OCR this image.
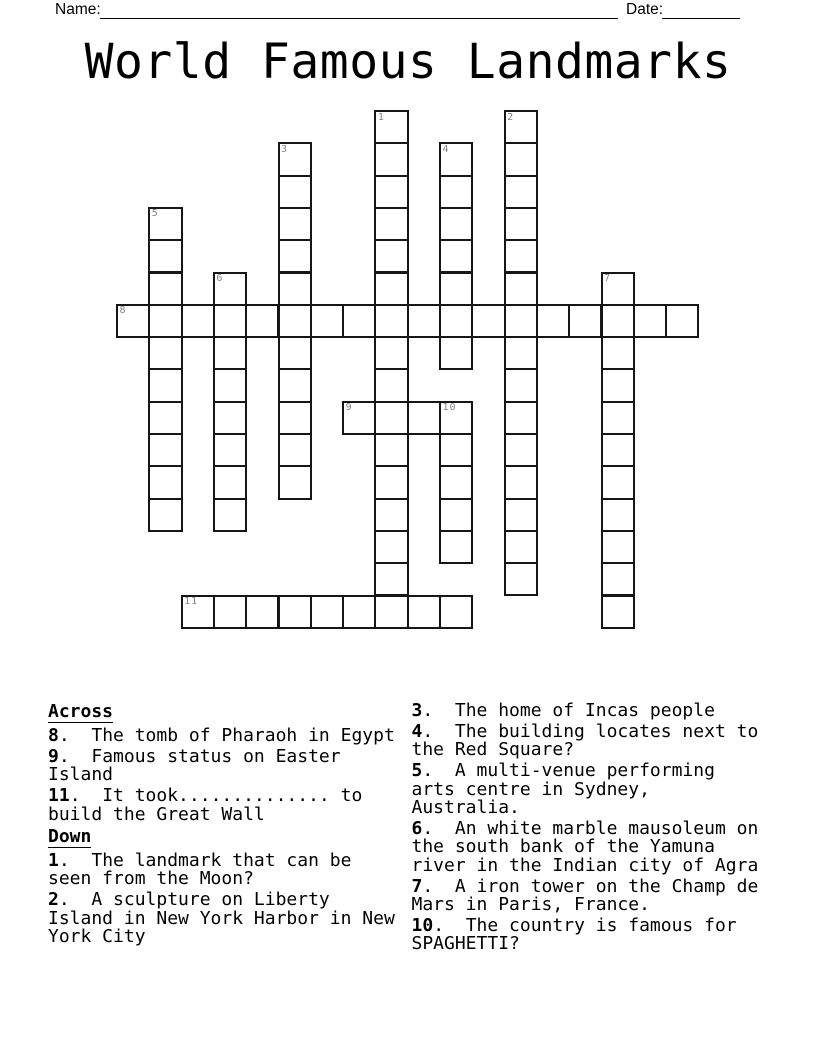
Name:	Date:
World Famous Landmarks
8
9	10
11
1	2
3	4
5
6	7
Across
8.  The tomb of Pharaoh in Egypt
9.  Famous status on Easter
Island
11.  It took.............. to
build the Great Wall
Down
1.  The landmark that can be
seen from the Moon?
2.  A sculpture on Liberty
Island in New York Harbor in New
York City
3.  The home of Incas people
4.  The building locates next to
the Red Square?
5.  A multi-venue performing
arts centre in Sydney,
Australia.
6.  An white marble mausoleum on
the south bank of the Yamuna
river in the Indian city of Agra
7.  A iron tower on the Champ de
Mars in Paris, France.
10.  The country is famous for
SPAGHETTI?
